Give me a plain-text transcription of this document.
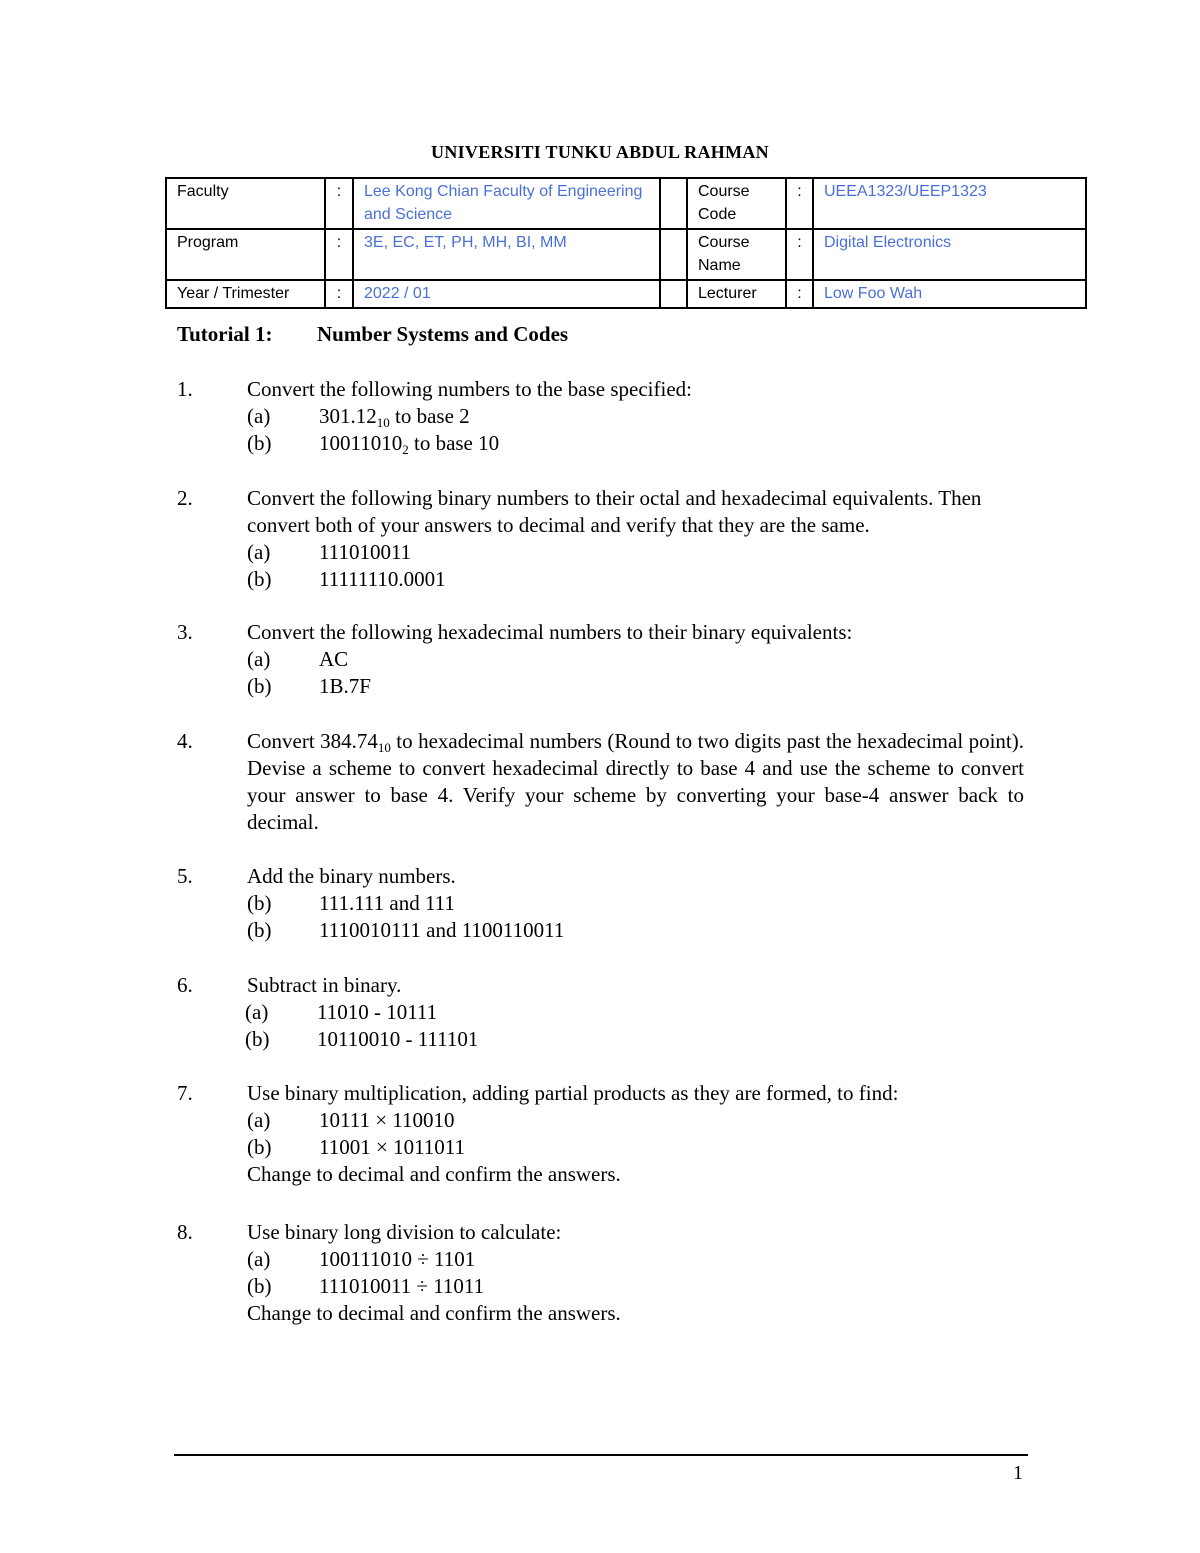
UNIVERSITI TUNKU ABDUL RAHMAN
Faculty	:	Lee Kong Chian Faculty of Engineering and Science		Course Code	:	UEEA1323/UEEP1323
Program	:	3E, EC, ET, PH, MH, BI, MM		Course Name	:	Digital Electronics
Year / Trimester	:	2022 / 01		Lecturer	:	Low Foo Wah
Tutorial 1: Number Systems and Codes
1.	Convert the following numbers to the base specified:
(a) $301.12_{10}$ to base 2
(b) $10011010_2$ to base 10
2.	Convert the following binary numbers to their octal and hexadecimal equivalents. Then convert both of your answers to decimal and verify that they are the same.
(a) 111010011
(b) 11111110.0001
3.	Convert the following hexadecimal numbers to their binary equivalents:
(a) AC
(b) 1B.7F
4.	Convert $384.74_{10}$ to hexadecimal numbers (Round to two digits past the hexadecimal point). Devise a scheme to convert hexadecimal directly to base 4 and use the scheme to convert your answer to base 4. Verify your scheme by converting your base-4 answer back to decimal.
5.	Add the binary numbers.
(b) 111.111 and 111
(b) 1110010111 and 1100110011
6.	Subtract in binary.
(a) 11010 - 10111
(b) 10110010 - 111101
7.	Use binary multiplication, adding partial products as they are formed, to find:
(a) 10111 × 110010
(b) 11001 × 1011011
Change to decimal and confirm the answers.
8.	Use binary long division to calculate:
(a) 100111010 ÷ 1101
(b) 111010011 ÷ 11011
Change to decimal and confirm the answers.
1
